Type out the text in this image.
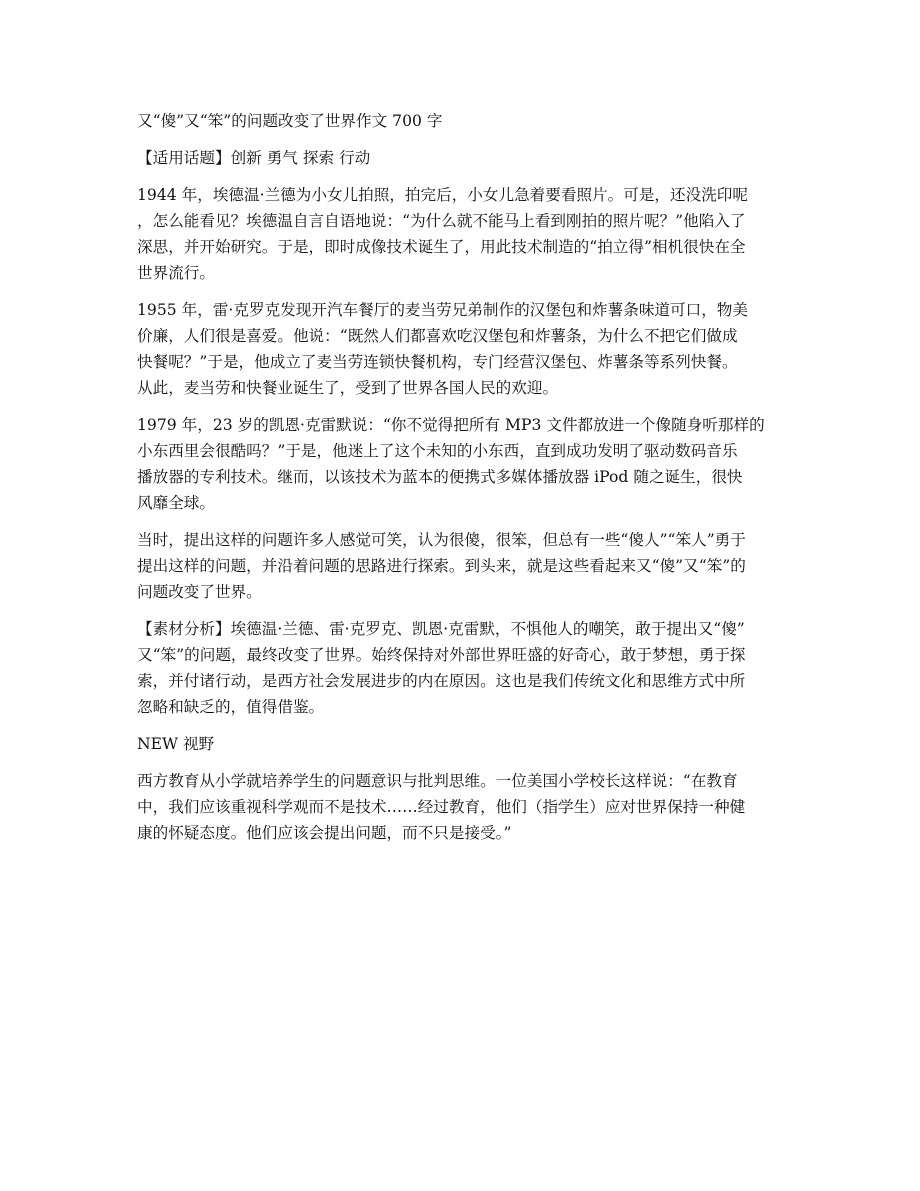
又“傻”又“笨”的问题改变了世界作文 700 字

【适用话题】创新 勇气 探索 行动

1944 年，埃德温·兰德为小女儿拍照，拍完后，小女儿急着要看照片。可是，还没洗印呢
，怎么能看见？埃德温自言自语地说：“为什么就不能马上看到刚拍的照片呢？”他陷入了
深思，并开始研究。于是，即时成像技术诞生了，用此技术制造的“拍立得”相机很快在全
世界流行。

1955 年，雷·克罗克发现开汽车餐厅的麦当劳兄弟制作的汉堡包和炸薯条味道可口，物美
价廉，人们很是喜爱。他说：“既然人们都喜欢吃汉堡包和炸薯条，为什么不把它们做成
快餐呢？”于是，他成立了麦当劳连锁快餐机构，专门经营汉堡包、炸薯条等系列快餐。
从此，麦当劳和快餐业诞生了，受到了世界各国人民的欢迎。

1979 年，23 岁的凯恩·克雷默说：“你不觉得把所有 MP3 文件都放进一个像随身听那样的
小东西里会很酷吗？”于是，他迷上了这个未知的小东西，直到成功发明了驱动数码音乐
播放器的专利技术。继而，以该技术为蓝本的便携式多媒体播放器 iPod 随之诞生，很快
风靡全球。

当时，提出这样的问题许多人感觉可笑，认为很傻，很笨，但总有一些“傻人”“笨人”勇于
提出这样的问题，并沿着问题的思路进行探索。到头来，就是这些看起来又“傻”又“笨”的
问题改变了世界。

【素材分析】埃德温·兰德、雷·克罗克、凯恩·克雷默，不惧他人的嘲笑，敢于提出又“傻”
又“笨”的问题，最终改变了世界。始终保持对外部世界旺盛的好奇心，敢于梦想，勇于探
索，并付诸行动，是西方社会发展进步的内在原因。这也是我们传统文化和思维方式中所
忽略和缺乏的，值得借鉴。

NEW 视野

西方教育从小学就培养学生的问题意识与批判思维。一位美国小学校长这样说：“在教育
中，我们应该重视科学观而不是技术……经过教育，他们（指学生）应对世界保持一种健
康的怀疑态度。他们应该会提出问题，而不只是接受。”
